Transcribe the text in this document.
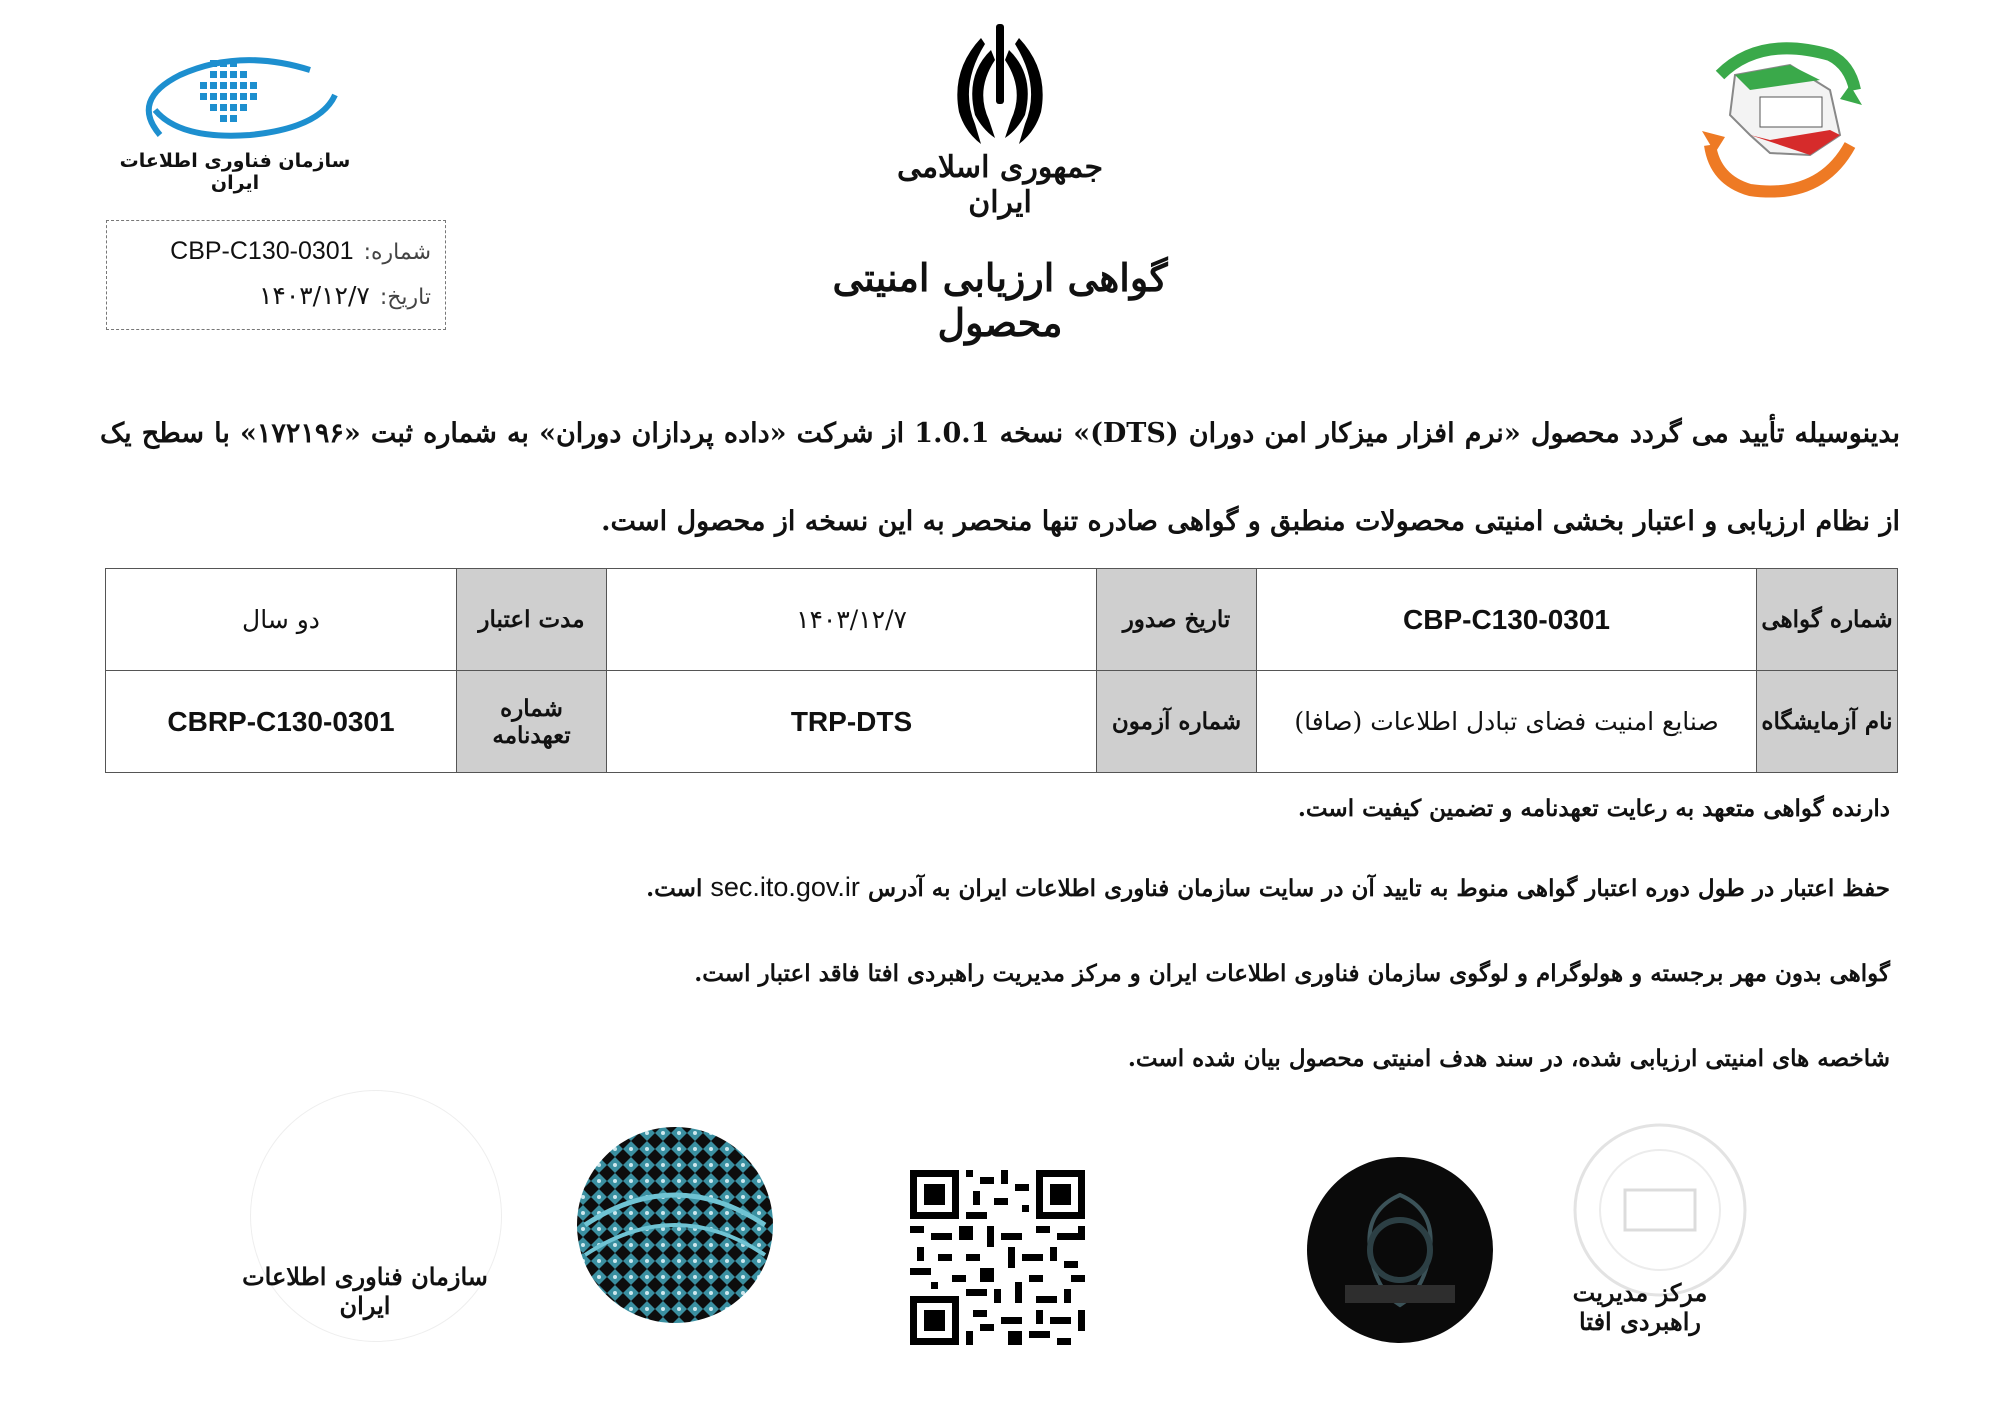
سازمان فناوری اطلاعات ایران	جمهوری اسلامی ایران
شماره:
CBP-C130-0301
تاریخ:
۱۴۰۳/۱۲/۷	گواهی ارزیابی امنیتی محصول
بدینوسیله تأیید می گردد محصول «نرم افزار میزکار امن دوران (DTS)» نسخه 1.0.1 از شرکت «داده پردازان دوران» به شماره ثبت «۱۷۲۱۹۶» با سطح یک از نظام ارزیابی و اعتبار بخشی امنیتی محصولات منطبق و گواهی صادره تنها منحصر به این نسخه از محصول است.
شماره گواهی	CBP-C130-0301	تاریخ صدور	۱۴۰۳/۱۲/۷	مدت اعتبار	دو سال
نام آزمایشگاه	صنایع امنیت فضای تبادل اطلاعات (صافا)	شماره آزمون	TRP-DTS	شماره تعهدنامه	CBRP-C130-0301
دارنده گواهی متعهد به رعایت تعهدنامه و تضمین کیفیت است.
حفظ اعتبار در طول دوره اعتبار گواهی منوط به تایید آن در سایت سازمان فناوری اطلاعات ایران به آدرس sec.ito.gov.ir است.
گواهی بدون مهر برجسته و هولوگرام و لوگوی سازمان فناوری اطلاعات ایران و مرکز مدیریت راهبردی افتا فاقد اعتبار است.
شاخصه های امنیتی ارزیابی شده، در سند هدف امنیتی محصول بیان شده است.
سازمان فناوری اطلاعات ایران	مرکز مدیریت راهبردی افتا
